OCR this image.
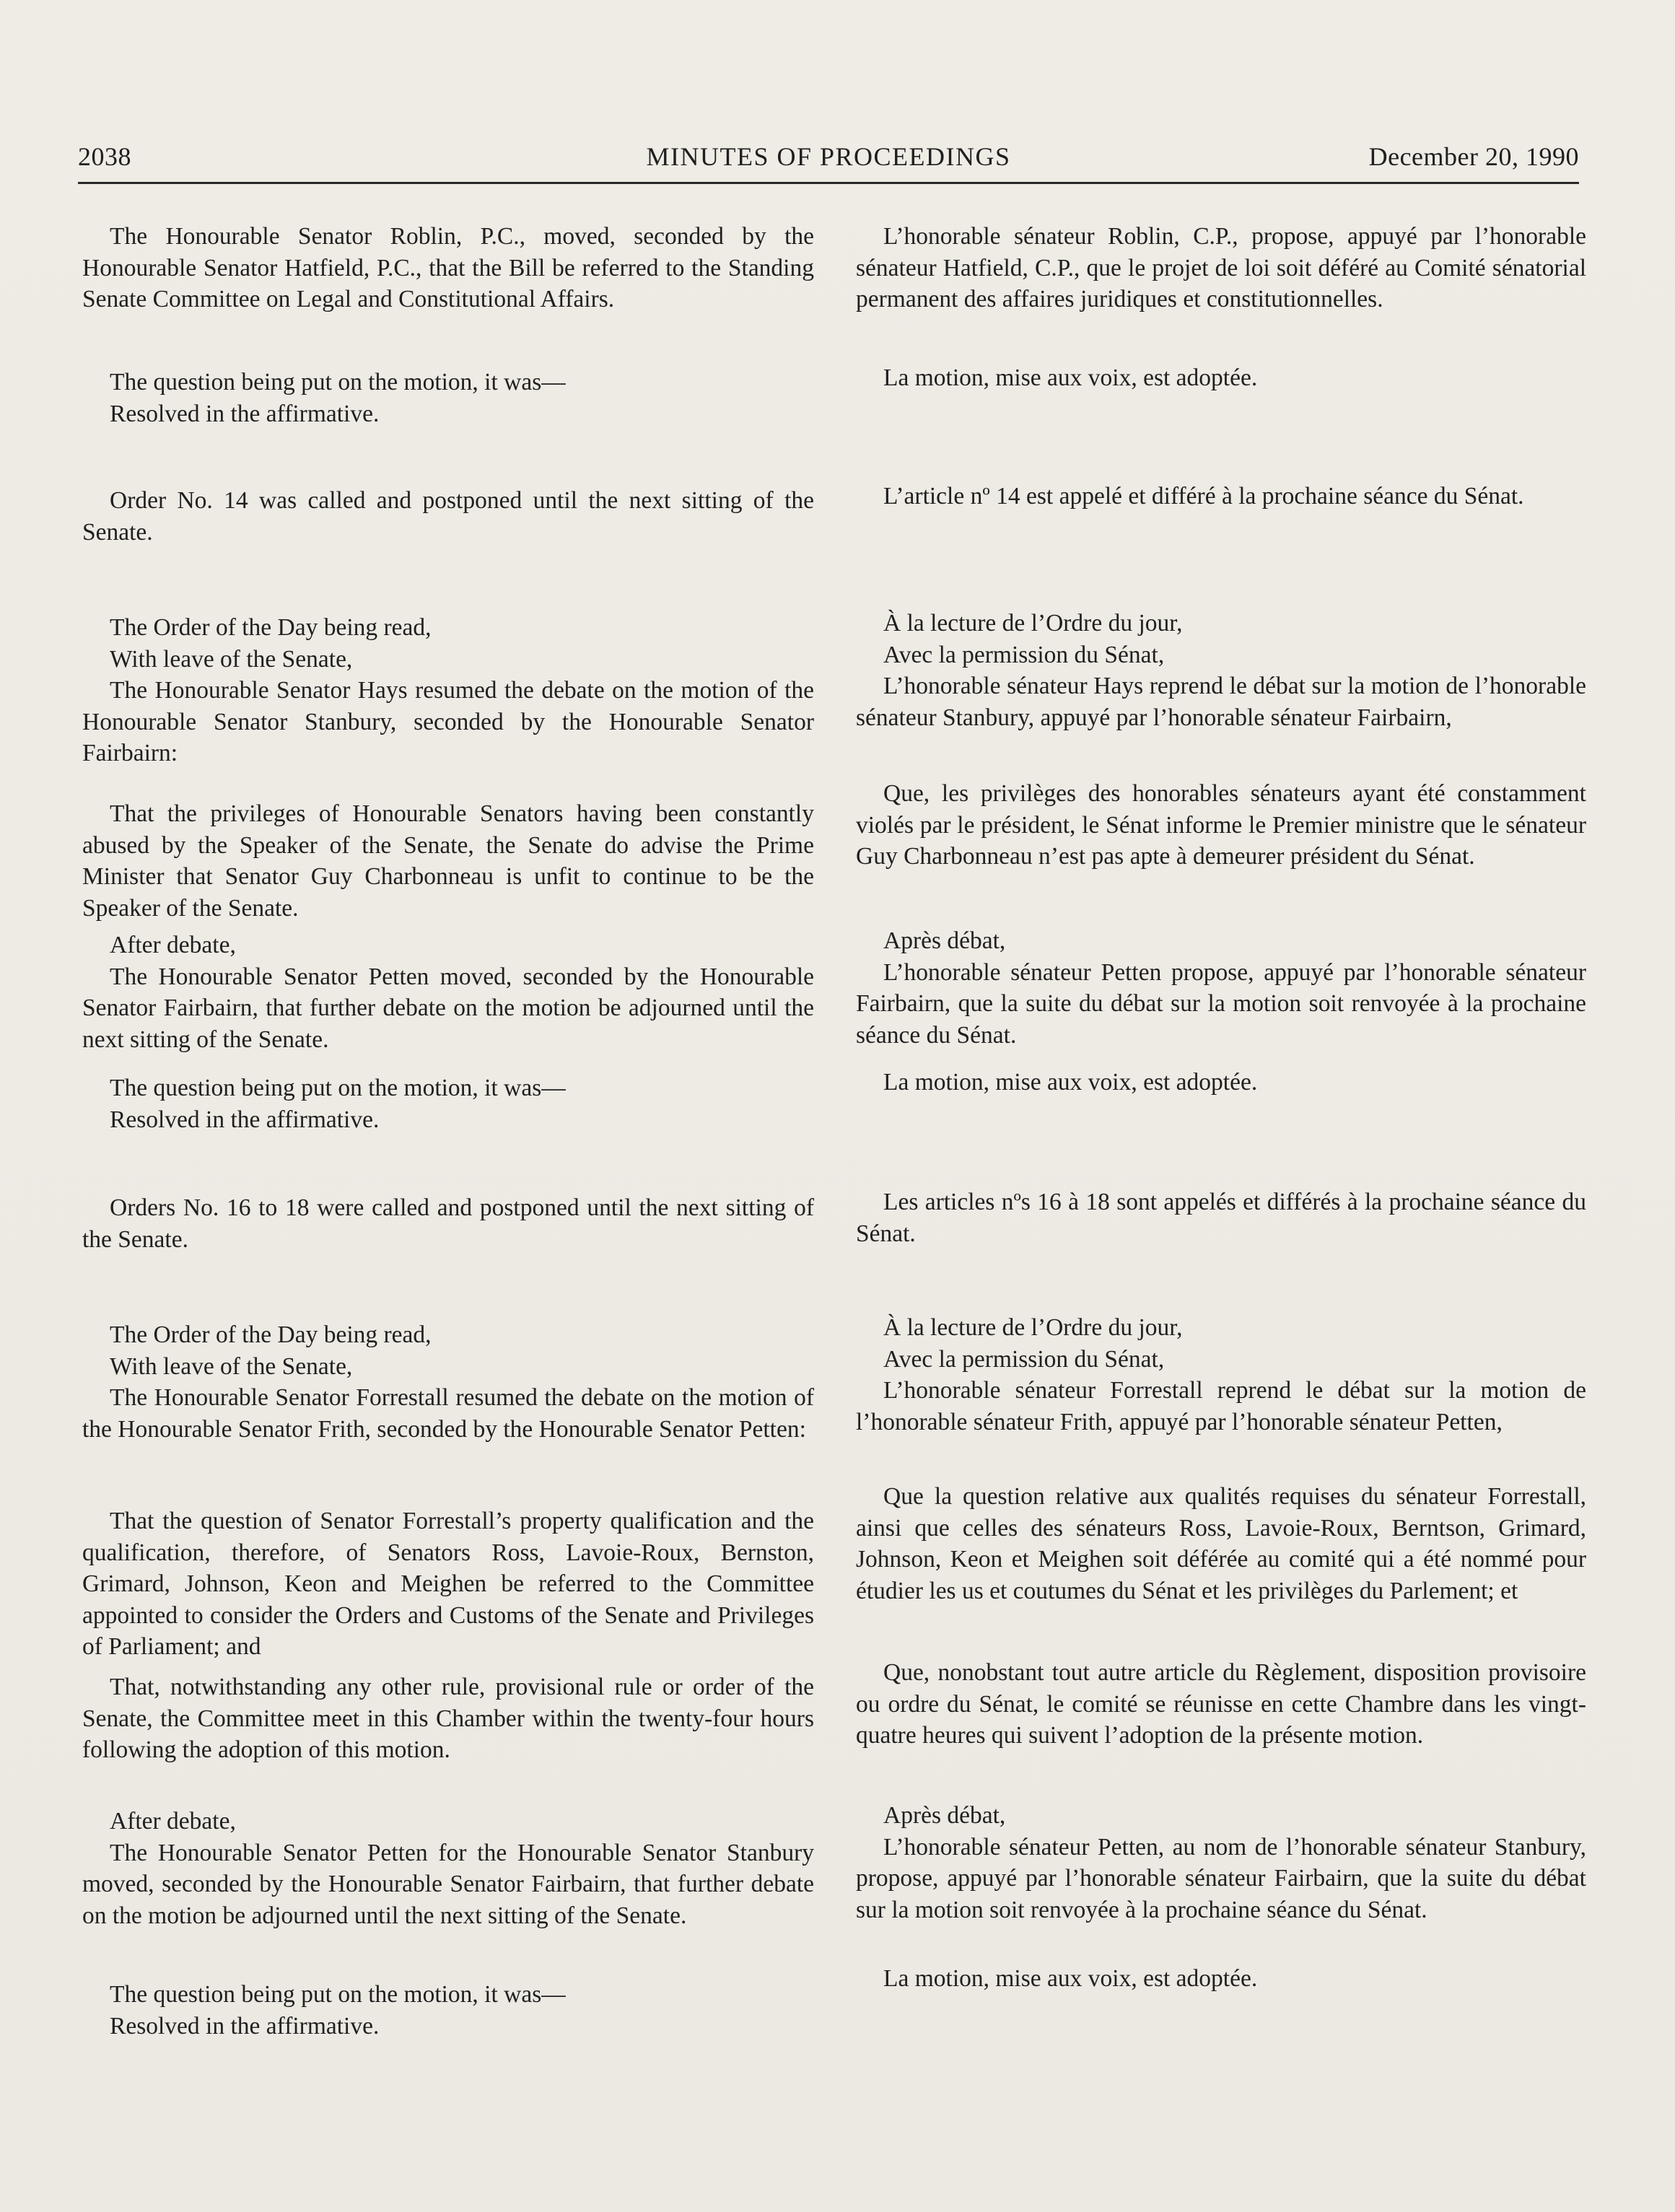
2038	MINUTES OF PROCEEDINGS	December 20, 1990

The Honourable Senator Roblin, P.C., moved, seconded by the Honourable Senator Hatfield, P.C., that the Bill be referred to the Standing Senate Committee on Legal and Constitutional Affairs.

The question being put on the motion, it was—
Resolved in the affirmative.

Order No. 14 was called and postponed until the next sitting of the Senate.

The Order of the Day being read,
With leave of the Senate,

The Honourable Senator Hays resumed the debate on the motion of the Honourable Senator Stanbury, seconded by the Honourable Senator Fairbairn:

That the privileges of Honourable Senators having been constantly abused by the Speaker of the Senate, the Senate do advise the Prime Minister that Senator Guy Charbonneau is unfit to continue to be the Speaker of the Senate.

After debate,

The Honourable Senator Petten moved, seconded by the Honourable Senator Fairbairn, that further debate on the motion be adjourned until the next sitting of the Senate.

The question being put on the motion, it was—
Resolved in the affirmative.

Orders No. 16 to 18 were called and postponed until the next sitting of the Senate.

The Order of the Day being read,
With leave of the Senate,

The Honourable Senator Forrestall resumed the debate on the motion of the Honourable Senator Frith, seconded by the Honourable Senator Petten:

That the question of Senator Forrestall’s property qualification and the qualification, therefore, of Senators Ross, Lavoie-Roux, Bernston, Grimard, Johnson, Keon and Meighen be referred to the Committee appointed to consider the Orders and Customs of the Senate and Privileges of Parliament; and

That, notwithstanding any other rule, provisional rule or order of the Senate, the Committee meet in this Chamber within the twenty-four hours following the adoption of this motion.

After debate,

The Honourable Senator Petten for the Honourable Senator Stanbury moved, seconded by the Honourable Senator Fairbairn, that further debate on the motion be adjourned until the next sitting of the Senate.

The question being put on the motion, it was—
Resolved in the affirmative.

L’honorable sénateur Roblin, C.P., propose, appuyé par l’honorable sénateur Hatfield, C.P., que le projet de loi soit déféré au Comité sénatorial permanent des affaires juridiques et constitutionnelles.

La motion, mise aux voix, est adoptée.

L’article nº 14 est appelé et différé à la prochaine séance du Sénat.

À la lecture de l’Ordre du jour,
Avec la permission du Sénat,

L’honorable sénateur Hays reprend le débat sur la motion de l’honorable sénateur Stanbury, appuyé par l’honorable sénateur Fairbairn,

Que, les privilèges des honorables sénateurs ayant été constamment violés par le président, le Sénat informe le Premier ministre que le sénateur Guy Charbonneau n’est pas apte à demeurer président du Sénat.

Après débat,

L’honorable sénateur Petten propose, appuyé par l’honorable sénateur Fairbairn, que la suite du débat sur la motion soit renvoyée à la prochaine séance du Sénat.

La motion, mise aux voix, est adoptée.

Les articles nºs 16 à 18 sont appelés et différés à la prochaine séance du Sénat.

À la lecture de l’Ordre du jour,
Avec la permission du Sénat,

L’honorable sénateur Forrestall reprend le débat sur la motion de l’honorable sénateur Frith, appuyé par l’honorable sénateur Petten,

Que la question relative aux qualités requises du sénateur Forrestall, ainsi que celles des sénateurs Ross, Lavoie-Roux, Berntson, Grimard, Johnson, Keon et Meighen soit déférée au comité qui a été nommé pour étudier les us et coutumes du Sénat et les privilèges du Parlement; et

Que, nonobstant tout autre article du Règlement, disposition provisoire ou ordre du Sénat, le comité se réunisse en cette Chambre dans les vingt-quatre heures qui suivent l’adoption de la présente motion.

Après débat,

L’honorable sénateur Petten, au nom de l’honorable sénateur Stanbury, propose, appuyé par l’honorable sénateur Fairbairn, que la suite du débat sur la motion soit renvoyée à la prochaine séance du Sénat.

La motion, mise aux voix, est adoptée.
